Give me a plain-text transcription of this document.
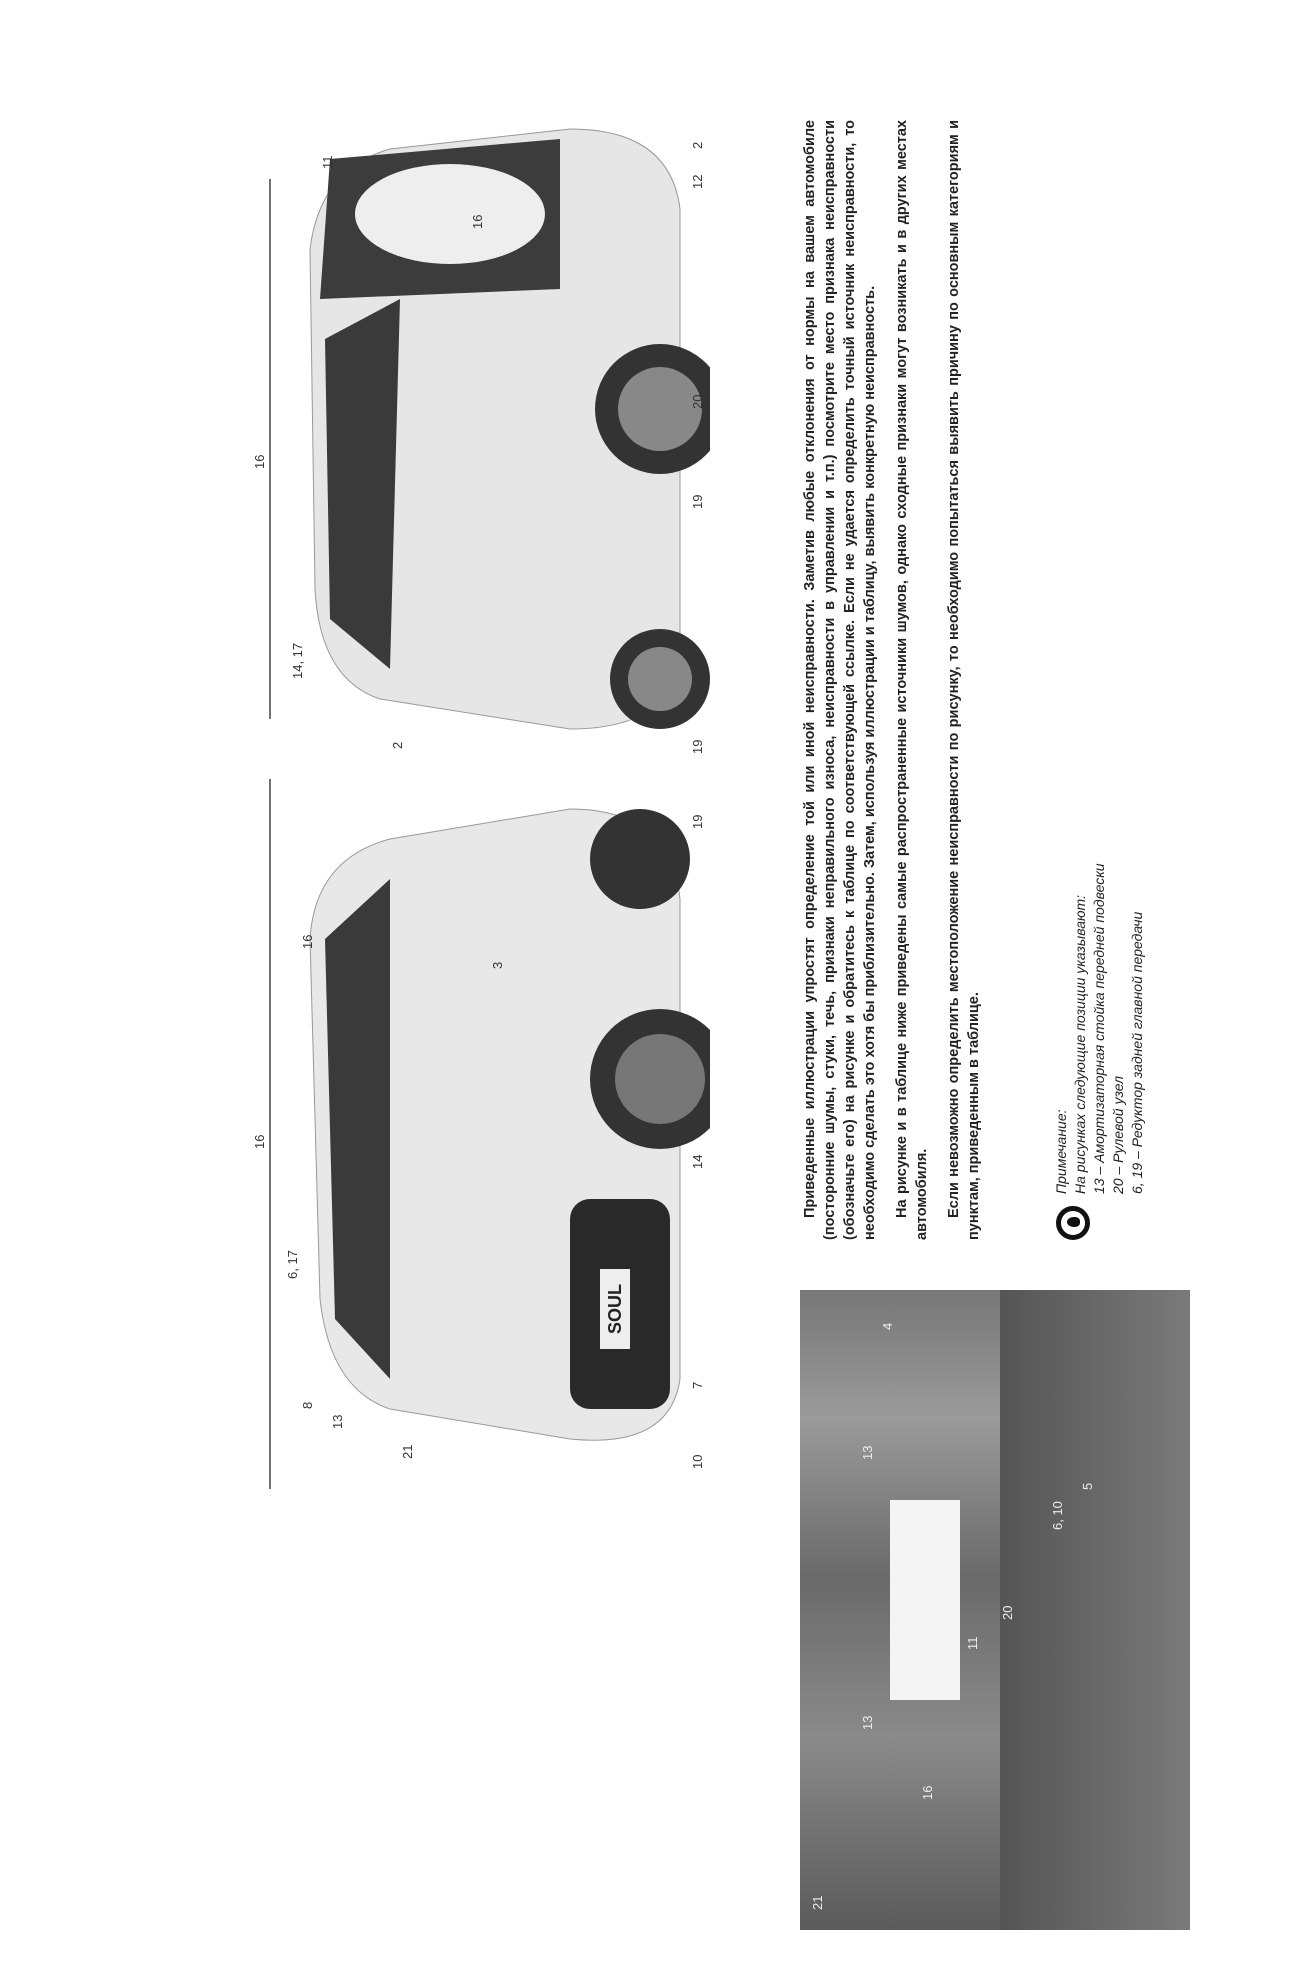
SOUL
16
10
7
14
19
21
13
8
6, 17
3
16
16
2
12
11
20
19
19
14, 17
2
16
21
16
13
11
20
13
6, 10
5
4

Приведенные иллюстрации упростят определение той или иной неисправности. Заметив любые отклонения от нормы на вашем автомобиле (посторонние шумы, стуки, течь, признаки неправильного износа, неисправности в управлении и т.п.) посмотрите место признака неисправности (обозначьте его) на рисунке и обратитесь к таблице по соответствующей ссылке. Если не удается определить точный источник неисправности, то необходимо сделать это хотя бы приблизительно. Затем, используя иллюстрации и таблицу, выявить конкретную неисправность. На рисунке и в таблице ниже приведены самые распространенные источники шумов, однако сходные признаки могут возникать и в других местах автомобиля. Если невозможно определить местоположение неисправности по рисунку, то необходимо попытаться выявить причину по основным категориям и пунктам, приведенным в таблице.	Примечание: На рисунках следующие позиции указывают: 13 – Амортизаторная стойка передней подвески 20 – Рулевой узел 6, 19 – Редуктор задней главной передачи
